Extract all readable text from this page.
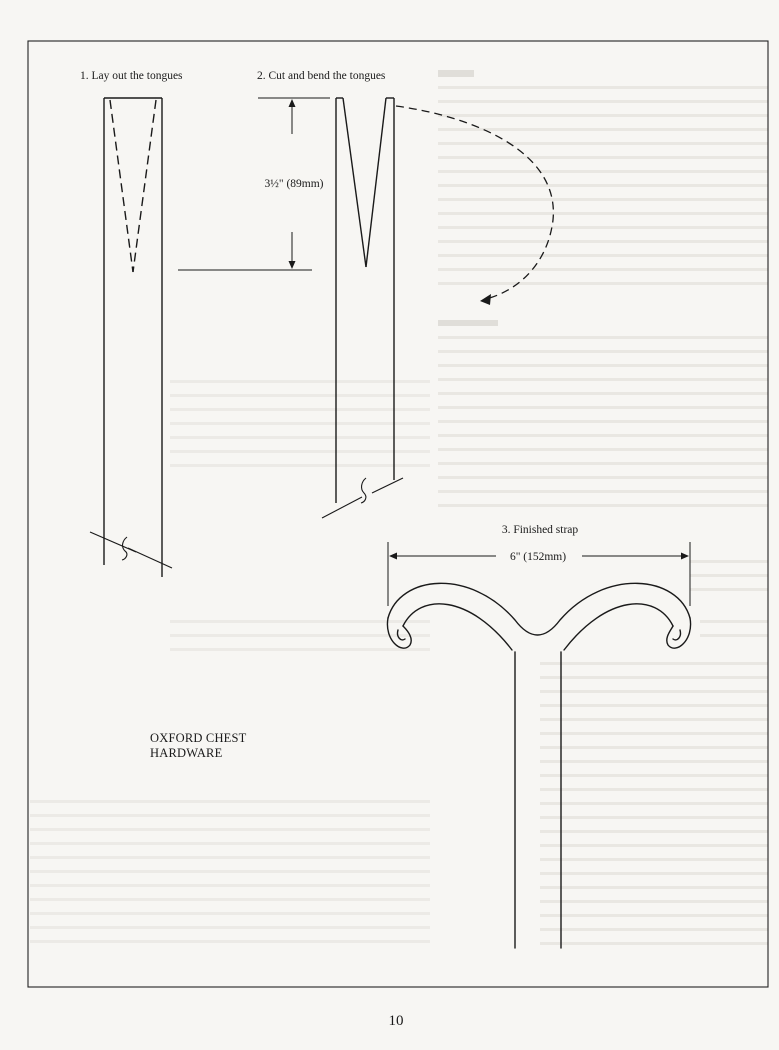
1. Lay out the tongues	2. Cut and bend the tongues
3½" (89mm)
3. Finished strap
6" (152mm)
OXFORD CHEST
HARDWARE
10
